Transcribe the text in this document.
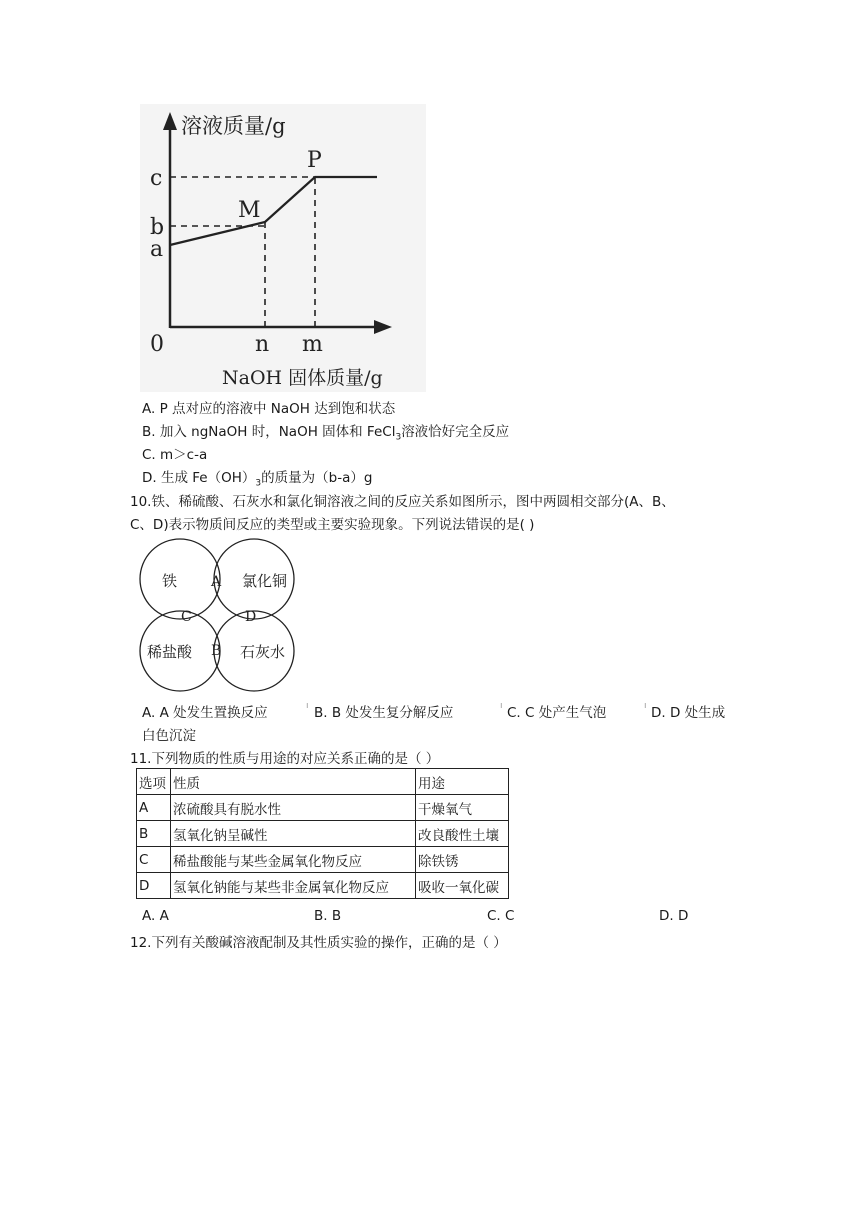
溶液质量/g
c
b
a
P
M
0	n m
NaOH 固体质量/g
A. P 点对应的溶液中 NaOH 达到饱和状态
B. 加入 ngNaOH 时，NaOH 固体和 FeCl$_3$溶液恰好完全反应
C. m＞c-a
D. 生成 $Fe(OH)_3$的质量为（b-a）g
10.铁、稀硫酸、石灰水和氯化铜溶液之间的反应关系如图所示，图中两圆相交部分(A、B、
C、D)表示物质间反应的类型或主要实验现象。下列说法错误的是( )
铁	氯化铜
稀盐酸	石灰水
A
B
C	D
A. A 处发生置换反应	$^ı$ B. B 处发生复分解反应	$^ı$ C. C 处产生气泡	$^ı$ D. D 处生成
白色沉淀
11.下列物质的性质与用途的对应关系正确的是（ ）
选项	性质	用途
A	浓硫酸具有脱水性	干燥氧气
B	氢氧化钠呈碱性	改良酸性土壤
C	稀盐酸能与某些金属氧化物反应	除铁锈
D	氢氧化钠能与某些非金属氧化物反应	吸收一氧化碳
A. A	B. B	C. C	D. D
12.下列有关酸碱溶液配制及其性质实验的操作，正确的是（ ）
